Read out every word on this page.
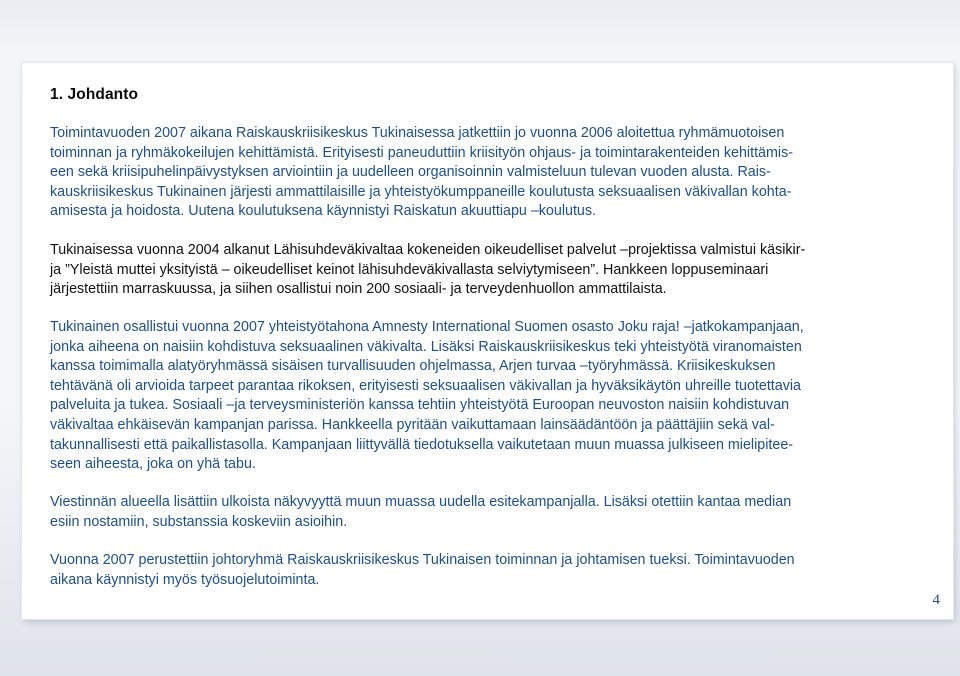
1. Johdanto

Toimintavuoden 2007 aikana Raiskauskriisikeskus Tukinaisessa jatkettiin jo vuonna 2006 aloitettua ryhmämuotoisen
toiminnan ja ryhmäkokeilujen kehittämistä. Erityisesti paneuduttiin kriisityön ohjaus- ja toimintarakenteiden kehittämis-
een sekä kriisipuhelinpäivystyksen arviointiin ja uudelleen organisoinnin valmisteluun tulevan vuoden alusta. Rais-
kauskriisikeskus Tukinainen järjesti ammattilaisille ja yhteistyökumppaneille koulutusta seksuaalisen väkivallan kohta-
amisesta ja hoidosta. Uutena koulutuksena käynnistyi Raiskatun akuuttiapu –koulutus.

Tukinaisessa vuonna 2004 alkanut Lähisuhdeväkivaltaa kokeneiden oikeudelliset palvelut –projektissa valmistui käsikir-
ja ”Yleistä muttei yksityistä – oikeudelliset keinot lähisuhdeväkivallasta selviytymiseen”. Hankkeen loppuseminaari
järjestettiin marraskuussa, ja siihen osallistui noin 200 sosiaali- ja terveydenhuollon ammattilaista.

Tukinainen osallistui vuonna 2007 yhteistyötahona Amnesty International Suomen osasto Joku raja! –jatkokampanjaan,
jonka aiheena on naisiin kohdistuva seksuaalinen väkivalta. Lisäksi Raiskauskriisikeskus teki yhteistyötä viranomaisten
kanssa toimimalla alatyöryhmässä sisäisen turvallisuuden ohjelmassa, Arjen turvaa –työryhmässä. Kriisikeskuksen
tehtävänä oli arvioida tarpeet parantaa rikoksen, erityisesti seksuaalisen väkivallan ja hyväksikäytön uhreille tuotettavia
palveluita ja tukea. Sosiaali –ja terveysministeriön kanssa tehtiin yhteistyötä Euroopan neuvoston naisiin kohdistuvan
väkivaltaa ehkäisevän kampanjan parissa. Hankkeella pyritään vaikuttamaan lainsäädäntöön ja päättäjiin sekä val-
takunnallisesti että paikallistasolla. Kampanjaan liittyvällä tiedotuksella vaikutetaan muun muassa julkiseen mielipitee-
seen aiheesta, joka on yhä tabu.

Viestinnän alueella lisättiin ulkoista näkyvyyttä muun muassa uudella esitekampanjalla. Lisäksi otettiin kantaa median
esiin nostamiin, substanssia koskeviin asioihin.

Vuonna 2007 perustettiin johtoryhmä Raiskauskriisikeskus Tukinaisen toiminnan ja johtamisen tueksi. Toimintavuoden
aikana käynnistyi myös työsuojelutoiminta.

4
